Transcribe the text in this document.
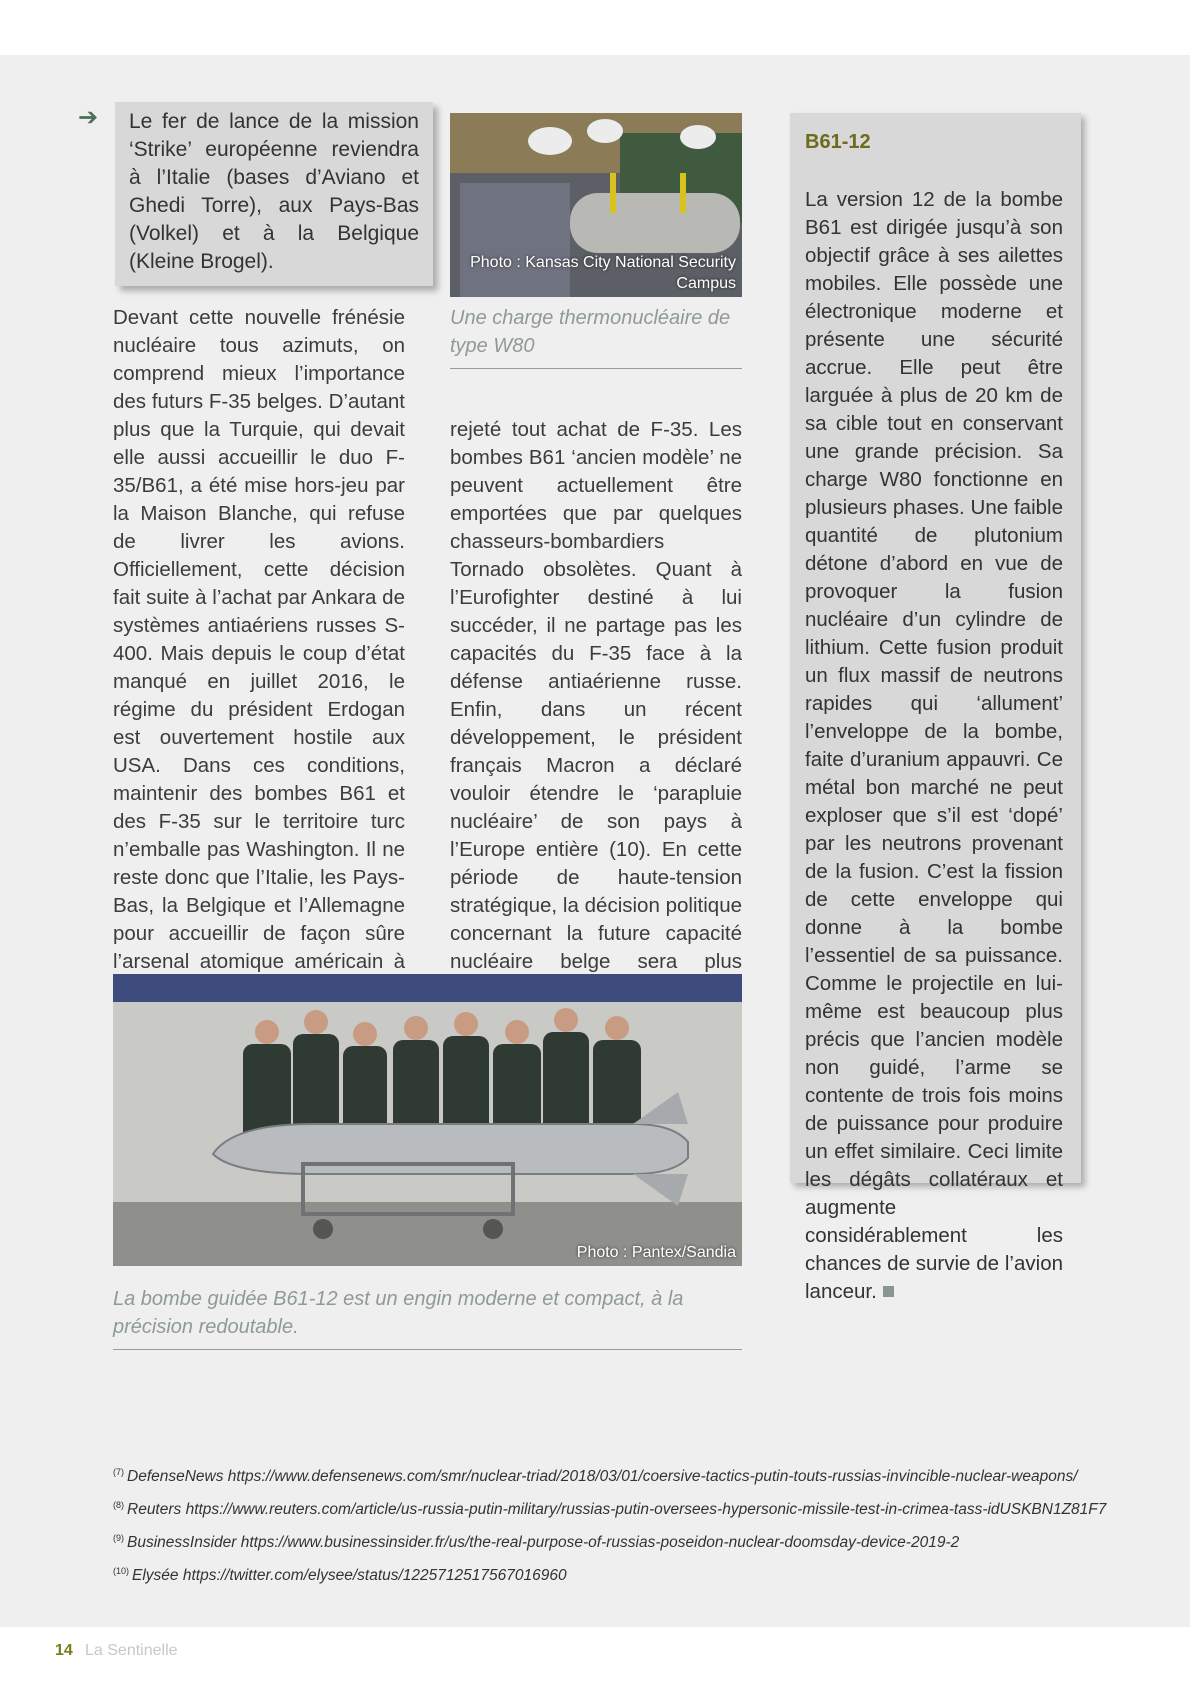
➔	Le fer de lance de la mission ‘Strike’ européenne reviendra à l’Italie (bases d’Aviano et Ghedi Torre), aux Pays-Bas (Volkel) et à la Belgique (Kleine Brogel).
Devant cette nouvelle frénésie nucléaire tous azimuts, on comprend mieux l’importance des futurs F-35 belges. D’autant plus que la Turquie, qui devait elle aussi accueillir le duo F-35/B61, a été mise hors-jeu par la Maison Blanche, qui refuse de livrer les avions. Officiellement, cette décision fait suite à l’achat par Ankara de systèmes antiaériens russes S-400. Mais depuis le coup d’état manqué en juillet 2016, le régime du président Erdogan est ouvertement hostile aux USA. Dans ces conditions, maintenir des bombes B61 et des F-35 sur le territoire turc n’emballe pas Washington. Il ne reste donc que l’Italie, les Pays-Bas, la Belgique et l’Allemagne pour accueillir de façon sûre l’arsenal atomique américain à
Photo : Kansas City National Security Campus
Une charge thermonucléaire de type W80
rejeté tout achat de F-35. Les bombes B61 ‘ancien modèle’ ne peuvent actuellement être emportées que par quelques chasseurs-bombardiers Tornado obsolètes. Quant à l’Eurofighter destiné à lui succéder, il ne partage pas les capacités du F-35 face à la défense antiaérienne russe. Enfin, dans un récent développement, le président français Macron a déclaré vouloir étendre le ‘parapluie nucléaire’ de son pays à l’Europe entière (10). En cette période de haute-tension stratégique, la décision politique concernant la future capacité nucléaire belge sera plus
Photo : Pantex/Sandia
La bombe guidée B61-12 est un engin moderne et compact, à la précision redoutable.
B61-12
La version 12 de la bombe B61 est dirigée jusqu’à son objectif grâce à ses ailettes mobiles. Elle possède une électronique moderne et présente une sécurité accrue. Elle peut être larguée à plus de 20 km de sa cible tout en conservant une grande précision. Sa charge W80 fonctionne en plusieurs phases. Une faible quantité de plutonium détone d’abord en vue de provoquer la fusion nucléaire d’un cylindre de lithium. Cette fusion produit un flux massif de neutrons rapides qui ‘allument’ l’enveloppe de la bombe, faite d’uranium appauvri. Ce métal bon marché ne peut exploser que s’il est ‘dopé’ par les neutrons provenant de la fusion. C’est la fission de cette enveloppe qui donne à la bombe l’essentiel de sa puissance. Comme le projectile en lui-même est beaucoup plus précis que l’ancien modèle non guidé, l’arme se contente de trois fois moins de puissance pour produire un effet similaire. Ceci limite les dégâts collatéraux et augmente considérablement les chances de survie de l’avion lanceur.
$^{(7)}$ DefenseNews https://www.defensenews.com/smr/nuclear-triad/2018/03/01/coersive-tactics-putin-touts-russias-invincible-nuclear-weapons/
$^{(8)}$ Reuters https://www.reuters.com/article/us-russia-putin-military/russias-putin-oversees-hypersonic-missile-test-in-crimea-tass-idUSKBN1Z81F7
$^{(9)}$ BusinessInsider https://www.businessinsider.fr/us/the-real-purpose-of-russias-poseidon-nuclear-doomsday-device-2019-2
$^{(10)}$ Elysée https://twitter.com/elysee/status/1225712517567016960
14 La Sentinelle
